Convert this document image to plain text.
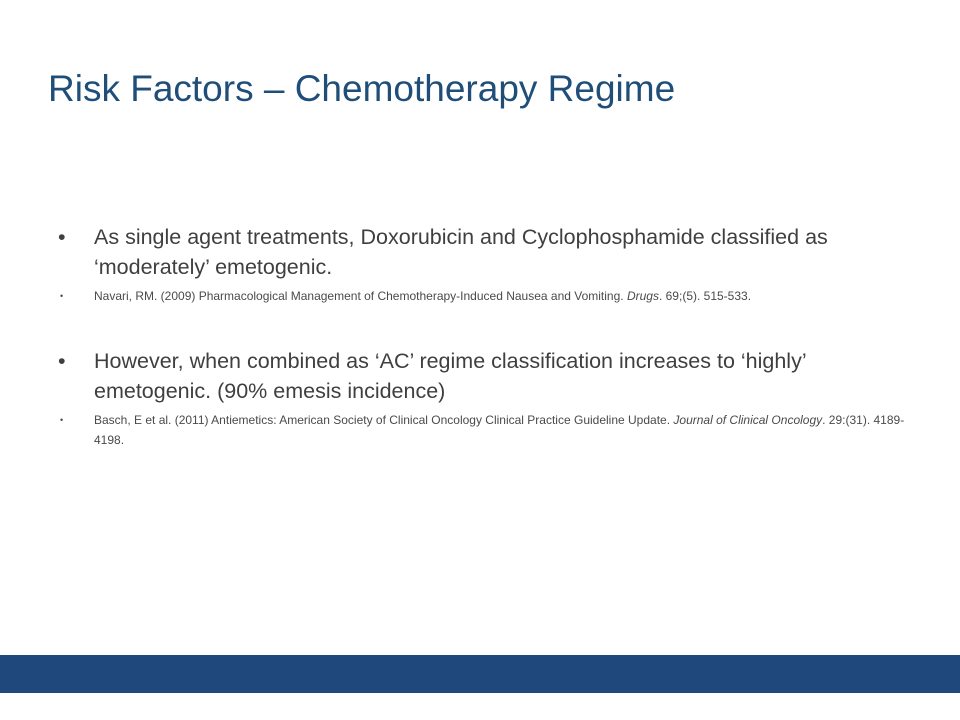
Risk Factors – Chemotherapy Regime
• As single agent treatments, Doxorubicin and Cyclophosphamide classified as ‘moderately’ emetogenic.
•	Navari, RM. (2009) Pharmacological Management of Chemotherapy-Induced Nausea and Vomiting. Drugs. 69;(5). 515-533.
• However, when combined as ‘AC’ regime classification increases to ‘highly’ emetogenic. (90% emesis incidence)
•	Basch, E et al. (2011) Antiemetics: American Society of Clinical Oncology Clinical Practice Guideline Update. Journal of Clinical Oncology. 29:(31). 4189-4198.
